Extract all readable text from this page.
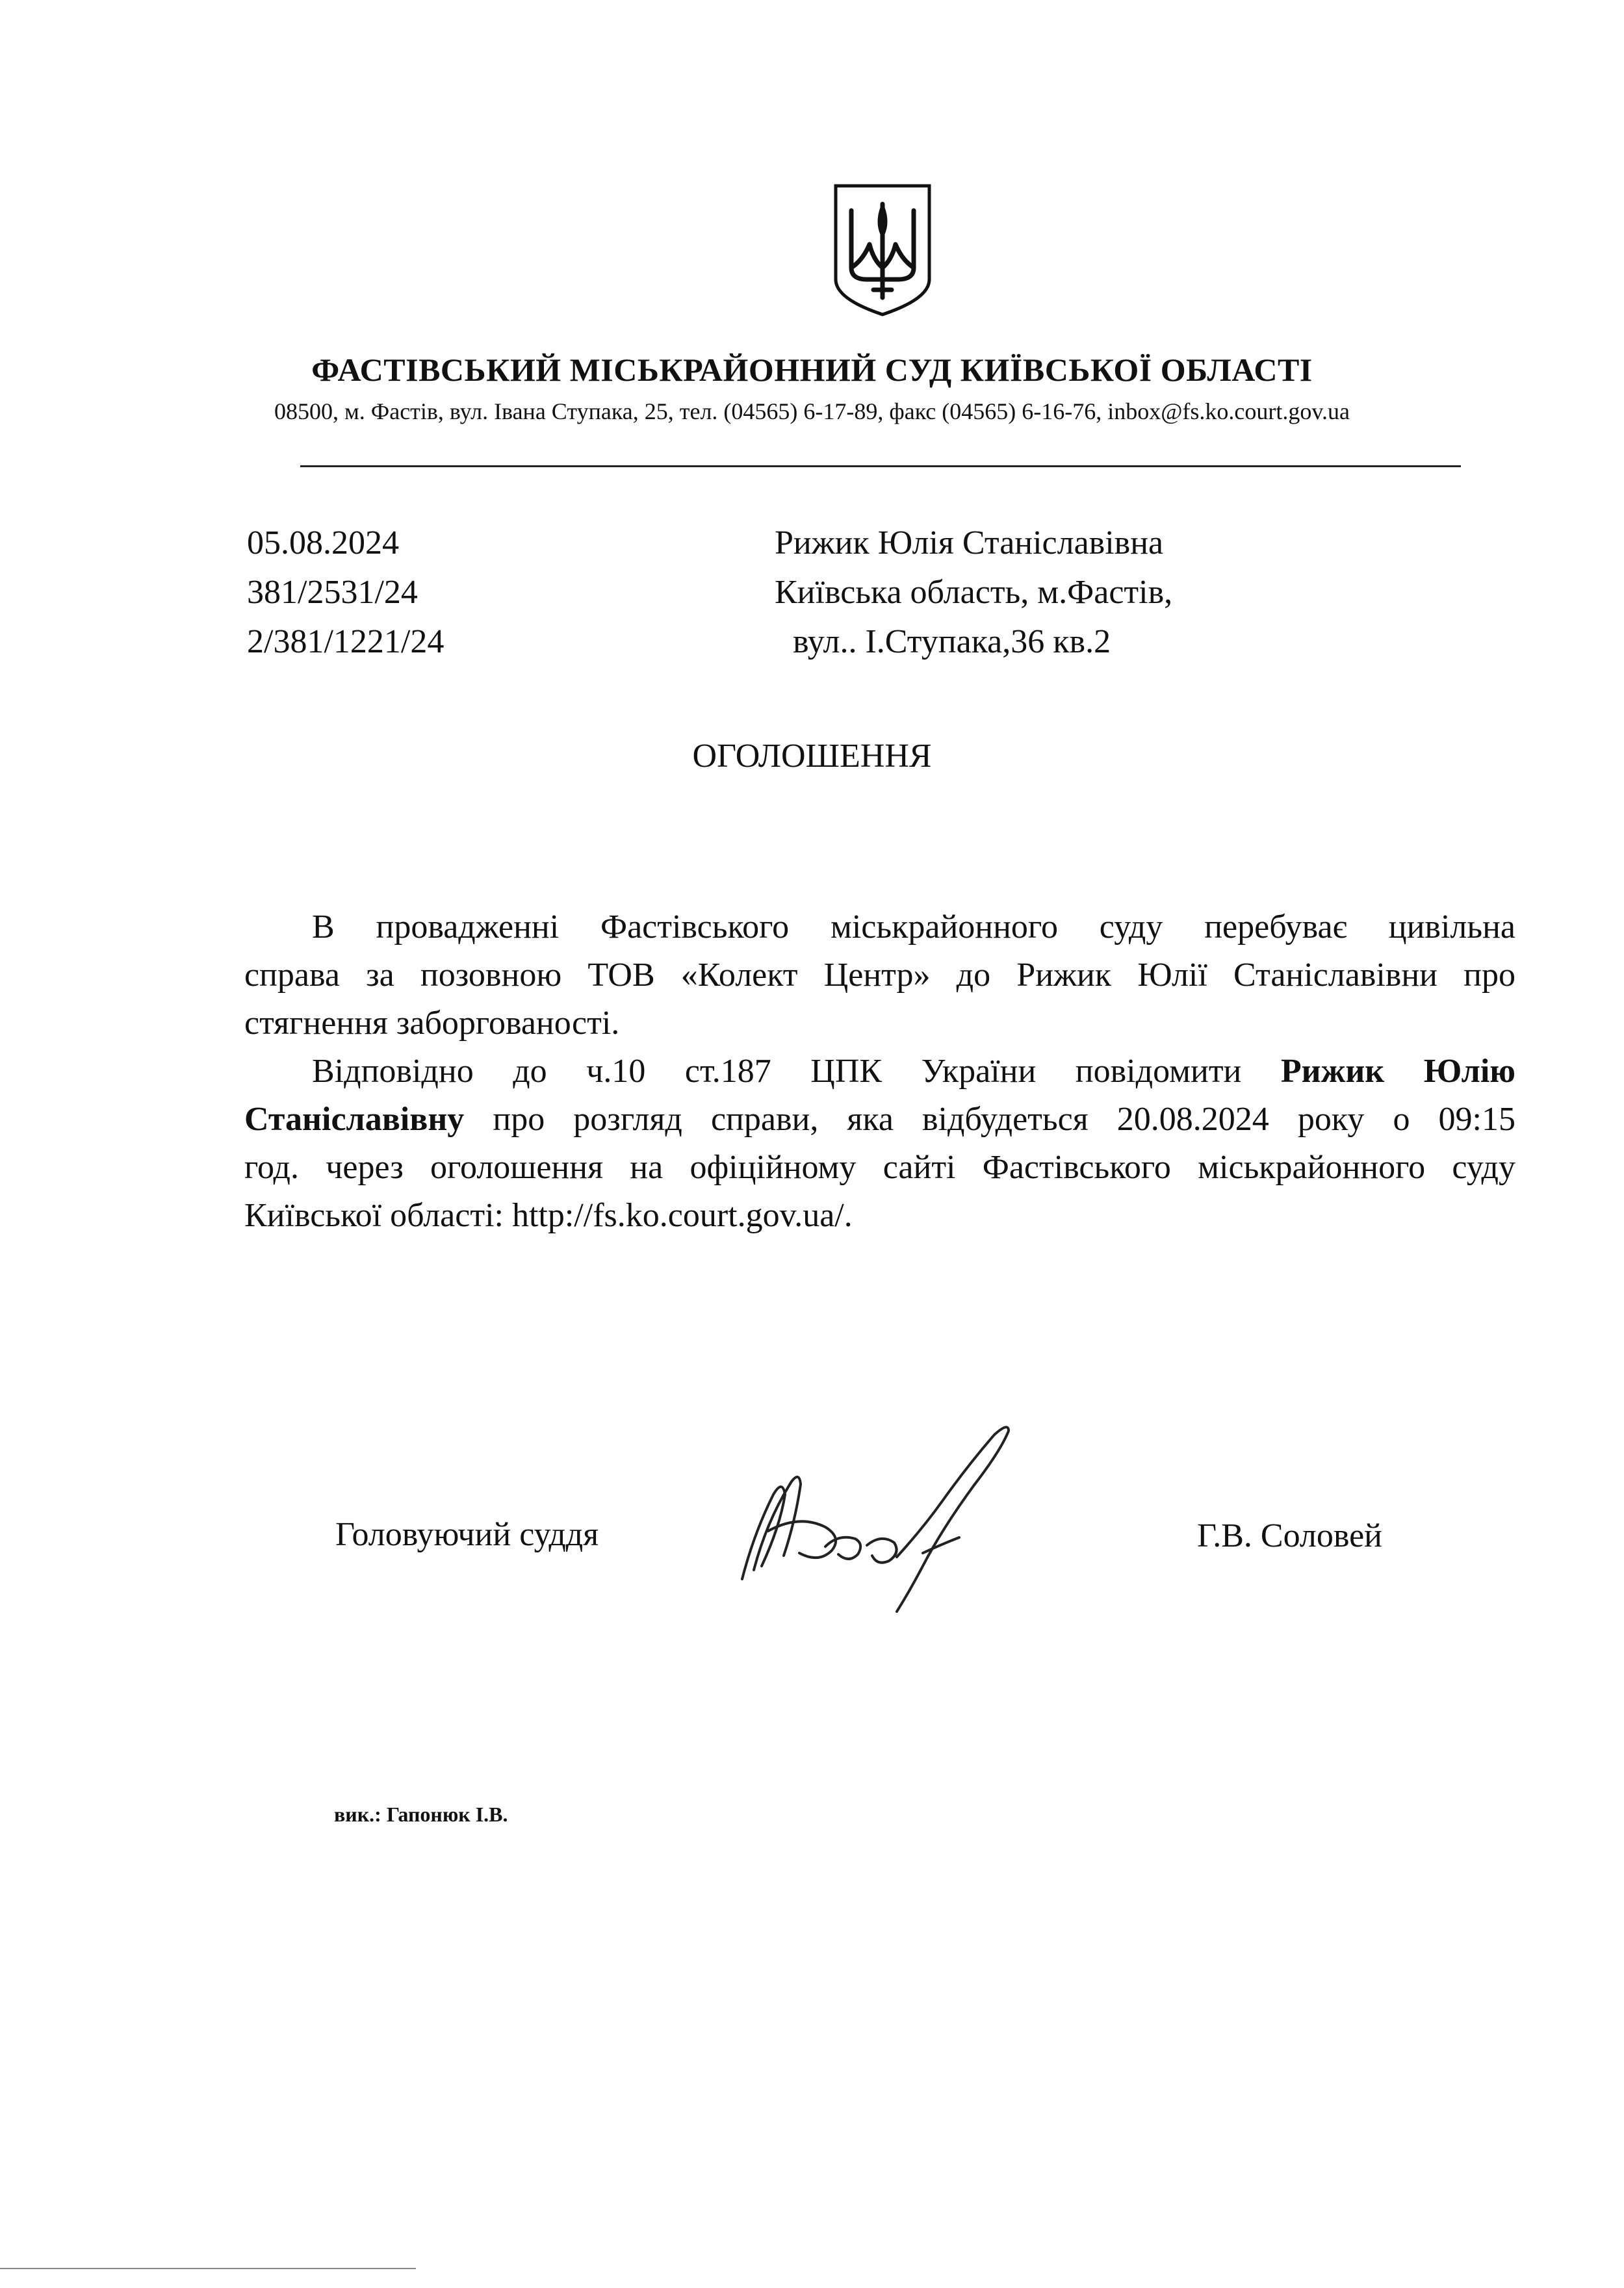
ФАСТІВСЬКИЙ МІСЬКРАЙОННИЙ СУД КИЇВСЬКОЇ ОБЛАСТІ
08500, м. Фастів, вул. Івана Ступака, 25, тел. (04565) 6-17-89, факс (04565) 6-16-76, inbox@fs.ko.court.gov.ua
05.08.2024
381/2531/24
2/381/1221/24
Рижик Юлія Станіславівна
Київська область, м.Фастів,
вул.. І.Ступака,36 кв.2
ОГОЛОШЕННЯ
В провадженні Фастівського міськрайонного суду перебуває цивільна
справа за позовною ТОВ «Колект Центр» до Рижик Юлії Станіславівни про
стягнення заборгованості.
Відповідно до ч.10 ст.187 ЦПК України повідомити Рижик Юлію
Станіславівну про розгляд справи, яка відбудеться 20.08.2024 року о 09:15
год. через оголошення на офіційному сайті Фастівського міськрайонного суду
Київської області: http://fs.ko.court.gov.ua/.
Головуючий суддя	Г.В. Соловей
вик.: Гапонюк І.В.
